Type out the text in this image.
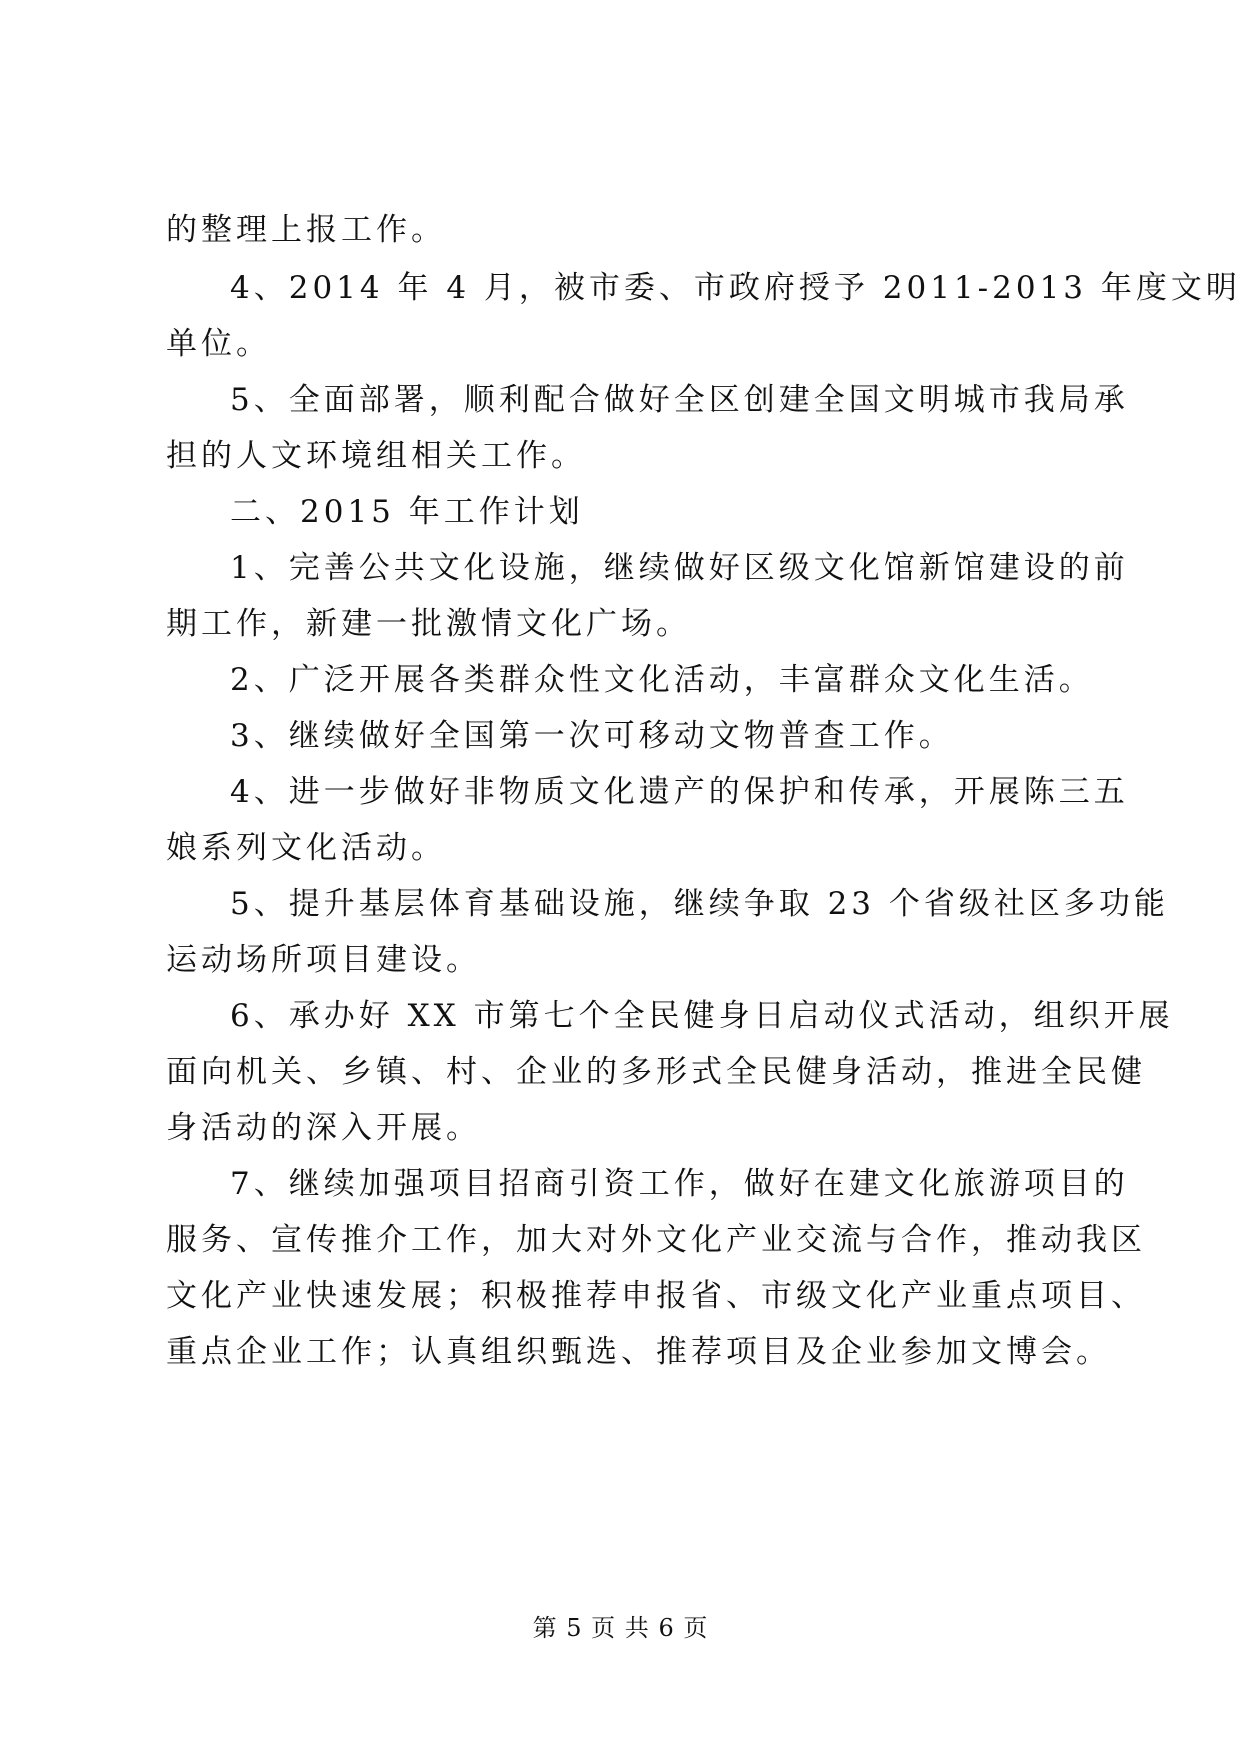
的整理上报工作。
4、2014 年 4 月，被市委、市政府授予 2011-2013 年度文明
单位。
5、全面部署，顺利配合做好全区创建全国文明城市我局承
担的人文环境组相关工作。
二、2015 年工作计划
1、完善公共文化设施，继续做好区级文化馆新馆建设的前
期工作，新建一批激情文化广场。
2、广泛开展各类群众性文化活动，丰富群众文化生活。
3、继续做好全国第一次可移动文物普查工作。
4、进一步做好非物质文化遗产的保护和传承，开展陈三五
娘系列文化活动。
5、提升基层体育基础设施，继续争取 23 个省级社区多功能
运动场所项目建设。
6、承办好 XX 市第七个全民健身日启动仪式活动，组织开展
面向机关、乡镇、村、企业的多形式全民健身活动，推进全民健
身活动的深入开展。
7、继续加强项目招商引资工作，做好在建文化旅游项目的
服务、宣传推介工作，加大对外文化产业交流与合作，推动我区
文化产业快速发展；积极推荐申报省、市级文化产业重点项目、
重点企业工作；认真组织甄选、推荐项目及企业参加文博会。
第 5 页 共 6 页
